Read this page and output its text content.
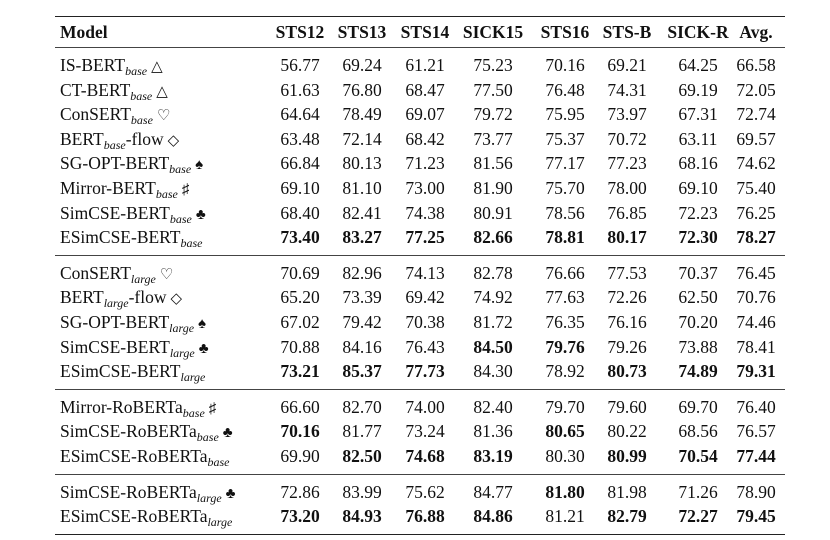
Model	STS12 STS13 STS14 SICK15	STS16 STS-B SICK-R Avg.
$IS-BERT_{base}$ △	56.77	69.24	61.21	75.23	70.16	69.21	64.25	66.58
$CT-BERT_{base}$ △	61.63	76.80	68.47	77.50	76.48	74.31	69.19	72.05
ConSERT$_{base}$ ♡	64.64	78.49	69.07	79.72	75.95	73.97	67.31	72.74
$BERT_{base}$-flow ◇	63.48	72.14	68.42	73.77	75.37	70.72	63.11	69.57
$SG-OPT-BERT_{base}$ ♠	66.84	80.13	71.23	81.56	77.17	77.23	68.16	74.62
Mirror-$BERT_{base}$ ♯	69.10	81.10	73.00	81.90	75.70	78.00	69.10	75.40
SimCSE-$BERT_{base}$ ♣	68.40	82.41	74.38	80.91	78.56	76.85	72.23	76.25
ESimCSE-$BERT_{base}$	73.40	83.27	77.25	82.66	78.81	80.17	72.30	78.27
ConSERT$_{large}$ ♡	70.69	82.96	74.13	82.78	76.66	77.53	70.37	76.45
$BERT_{large}$-flow ◇	65.20	73.39	69.42	74.92	77.63	72.26	62.50	70.76
$SG-OPT-BERT_{large}$ ♠	67.02	79.42	70.38	81.72	76.35	76.16	70.20	74.46
SimCSE-$BERT_{large}$ ♣	70.88	84.16	76.43	84.50	79.76	79.26	73.88	78.41
ESimCSE-$BERT_{large}$	73.21	85.37	77.73	84.30	78.92	80.73	74.89	79.31
Mirror-RoBERTa$_{base}$ ♯	66.60	82.70	74.00	82.40	79.70	79.60	69.70	76.40
SimCSE-RoBERTa$_{base}$ ♣	70.16	81.77	73.24	81.36	80.65	80.22	68.56	76.57
ESimCSE-RoBERTa$_{base}$	69.90	82.50	74.68	83.19	80.30	80.99	70.54	77.44
SimCSE-RoBERTa$_{large}$ ♣	72.86	83.99	75.62	84.77	81.80	81.98	71.26	78.90
ESimCSE-RoBERTa$_{large}$	73.20	84.93	76.88	84.86	81.21	82.79	72.27	79.45
